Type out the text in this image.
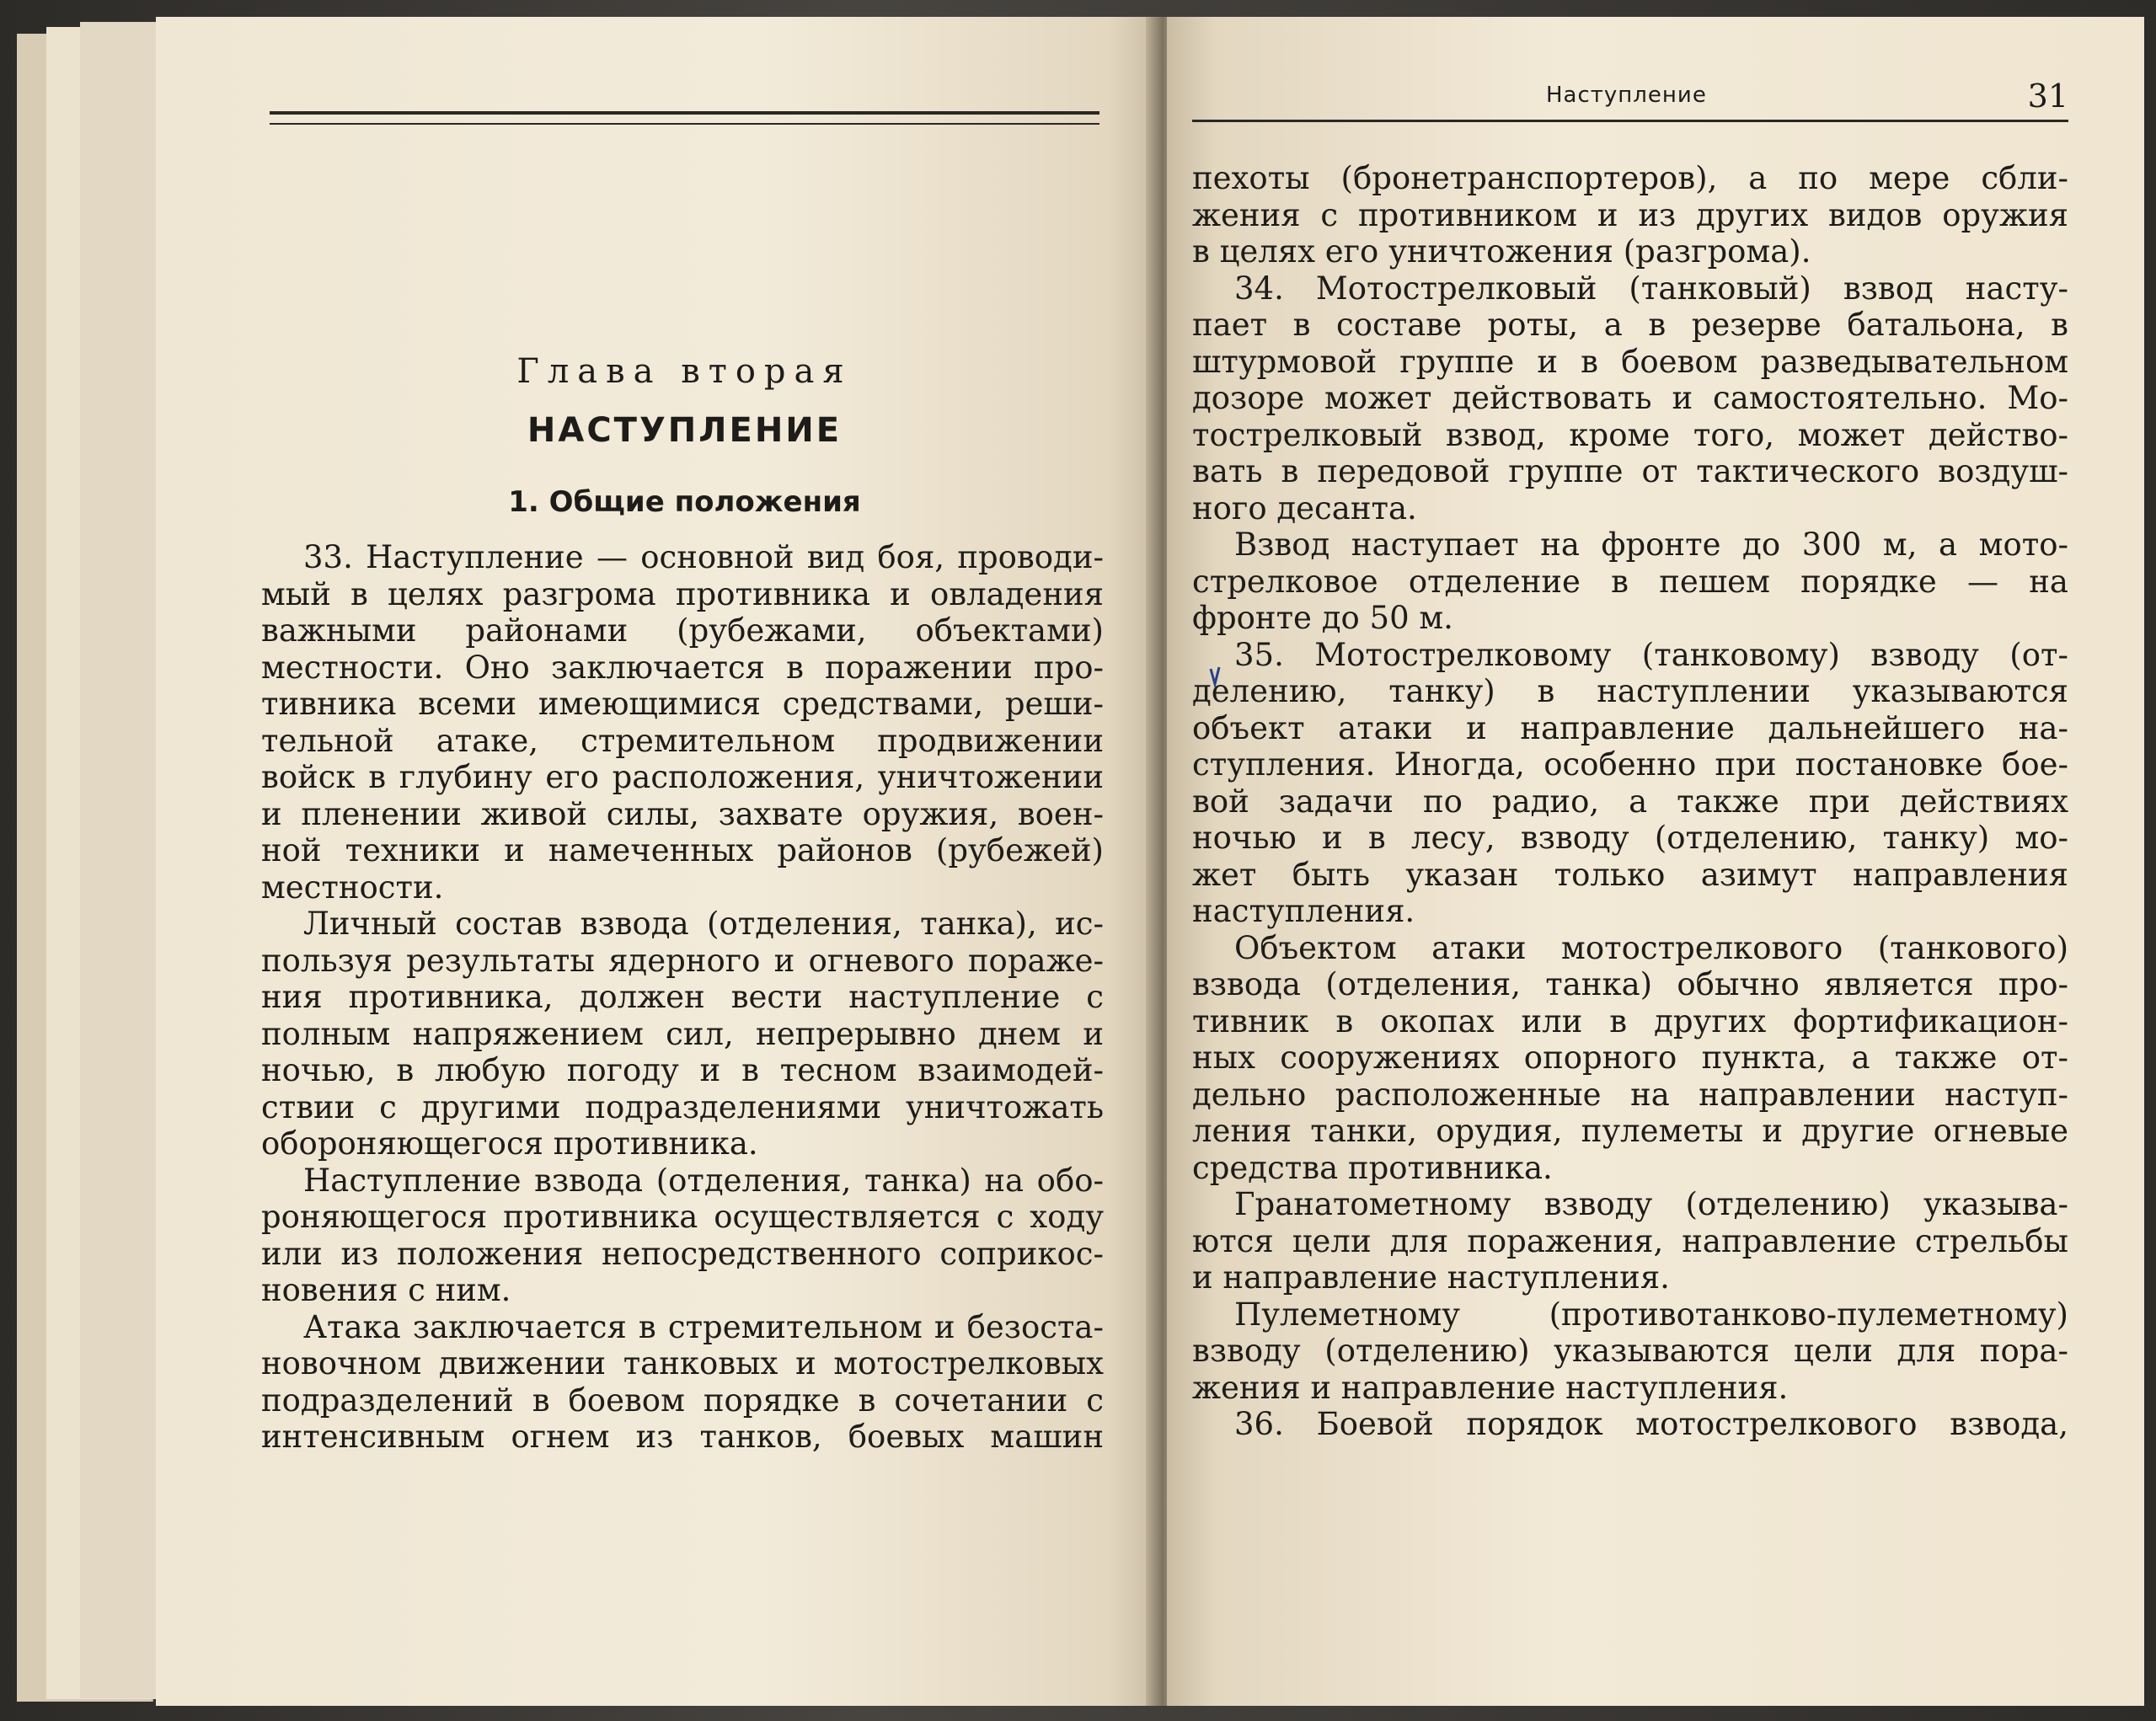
Глава вторая
НАСТУПЛЕНИЕ
1. Общие положения
33. Наступление — основной вид боя, проводи-
мый в целях разгрома противника и овладения
важными районами (рубежами, объектами)
местности. Оно заключается в поражении про-
тивника всеми имеющимися средствами, реши-
тельной атаке, стремительном продвижении
войск в глубину его расположения, уничтожении
и пленении живой силы, захвате оружия, воен-
ной техники и намеченных районов (рубежей)
местности.
Личный состав взвода (отделения, танка), ис-
пользуя результаты ядерного и огневого пораже-
ния противника, должен вести наступление с
полным напряжением сил, непрерывно днем и
ночью, в любую погоду и в тесном взаимодей-
ствии с другими подразделениями уничтожать
обороняющегося противника.
Наступление взвода (отделения, танка) на обо-
роняющегося противника осуществляется с ходу
или из положения непосредственного соприкос-
новения с ним.
Атака заключается в стремительном и безоста-
новочном движении танковых и мотострелковых
подразделений в боевом порядке в сочетании с
интенсивным огнем из танков, боевых машин
Наступление	31
пехоты (бронетранспортеров), а по мере сбли-
жения с противником и из других видов оружия
в целях его уничтожения (разгрома).
34. Мотострелковый (танковый) взвод насту-
пает в составе роты, а в резерве батальона, в
штурмовой группе и в боевом разведывательном
дозоре может действовать и самостоятельно. Мо-
тострелковый взвод, кроме того, может действо-
вать в передовой группе от тактического воздуш-
ного десанта.
Взвод наступает на фронте до 300 м, а мото-
стрелковое отделение в пешем порядке — на
фронте до 50 м.
35. Мотострелковому (танковому) взводу (от-
делению, танку) в наступлении указываются
объект атаки и направление дальнейшего на-
ступления. Иногда, особенно при постановке бое-
вой задачи по радио, а также при действиях
ночью и в лесу, взводу (отделению, танку) мо-
жет быть указан только азимут направления
наступления.
Объектом атаки мотострелкового (танкового)
взвода (отделения, танка) обычно является про-
тивник в окопах или в других фортификацион-
ных сооружениях опорного пункта, а также от-
дельно расположенные на направлении наступ-
ления танки, орудия, пулеметы и другие огневые
средства противника.
Гранатометному взводу (отделению) указыва-
ются цели для поражения, направление стрельбы
и направление наступления.
Пулеметному (противотанково-пулеметному)
взводу (отделению) указываются цели для пора-
жения и направление наступления.
36. Боевой порядок мотострелкового взвода,
